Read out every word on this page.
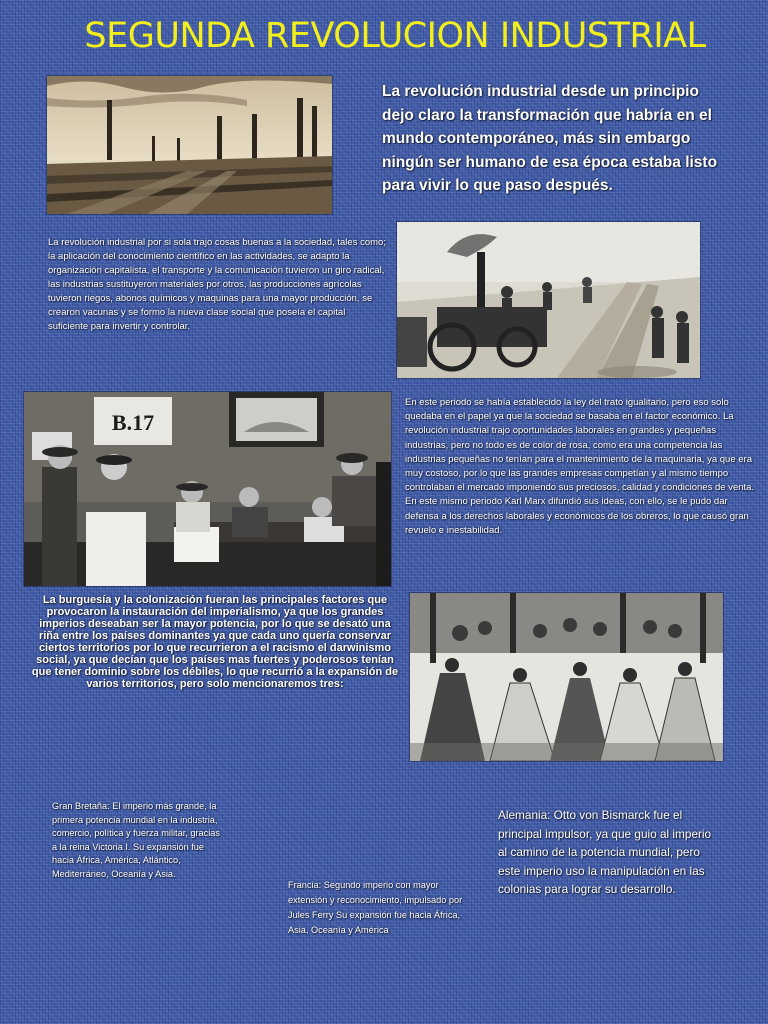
SEGUNDA REVOLUCION INDUSTRIAL
La revolución industrial desde un principio dejo claro la transformación que habría en el mundo contemporáneo, más sin embargo ningún ser humano de esa época estaba listo para vivir lo que paso después.
La revolución industrial por si sola trajo cosas buenas a la sociedad, tales como; la aplicación del conocimiento científico en las actividades, se adapto la organización capitalista, el transporte y la comunicación tuvieron un giro radical, las industrias sustituyeron materiales por otros, las producciones agrícolas tuvieron riegos, abonos químicos y maquinas para una mayor producción, se crearon vacunas y se formo la nueva clase social que poseía el capital suficiente para invertir y controlar.
B.17
En este periodo se había establecido la ley del trato igualitario, pero eso solo quedaba en el papel ya que la sociedad se basaba en el factor económico. La revolución industrial trajo oportunidades laborales en grandes y pequeñas industrias, pero no todo es de color de rosa, como era una competencia las industrias pequeñas no tenían para el mantenimiento de la maquinaria, ya que era muy costoso, por lo que las grandes empresas competían y al mismo tiempo controlaban el mercado imponiendo sus preciosos, calidad y condiciones de venta. En este mismo periodo Karl Marx difundió sus ideas, con ello, se le pudo dar defensa a los derechos laborales y económicos de los obreros, lo que causó gran revuelo e inestabilidad.
La burguesía y la colonización fueran las principales factores que provocaron la instauración del imperialismo, ya que los grandes imperios deseaban ser la mayor potencia, por lo que se desató una riña entre los países dominantes ya que cada uno quería conservar ciertos territorios por lo que recurrieron a el racismo el darwinismo social, ya que decían que los países mas fuertes y poderosos tenían que tener dominio sobre los débiles, lo que recurrió a la expansión de varios territorios, pero solo mencionaremos tres:
Gran Bretaña: El imperio más grande, la primera potencia mundial en la industria, comercio, política y fuerza militar, gracias a la reina Victoria I. Su expansión fue hacia África, América, Atlántico, Mediterráneo, Oceanía y Asia.
Francia: Segundo imperio con mayor extensión y reconocimiento, impulsado por Jules Ferry Su expansión fue hacia África, Asia, Oceanía y América
Alemania: Otto von Bismarck fue el principal impulsor, ya que guio al imperio al camino de la potencia mundial, pero este imperio uso la manipulación en las colonias para lograr su desarrollo.
